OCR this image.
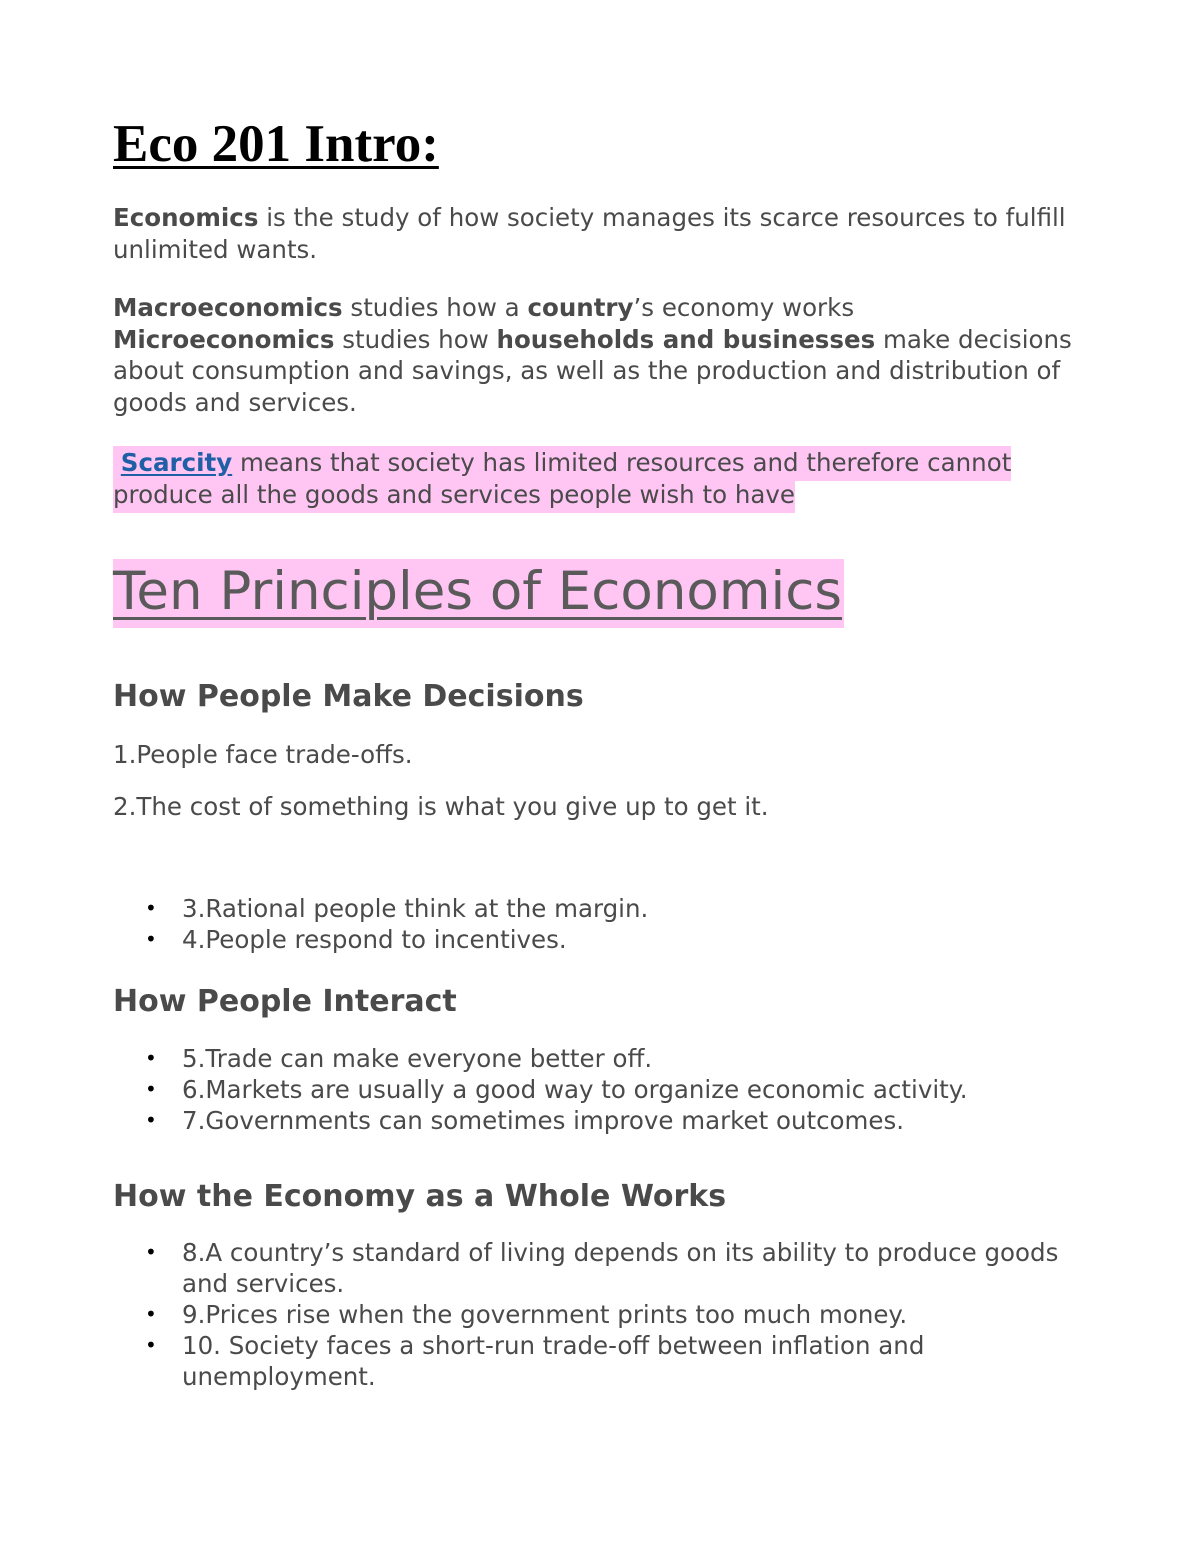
Eco 201 Intro:

Economics is the study of how society manages its scarce resources to fulfill unlimited wants.

Macroeconomics studies how a country’s economy works
Microeconomics studies how households and businesses make decisions about consumption and savings, as well as the production and distribution of goods and services.

Scarcity means that society has limited resources and therefore cannot produce all the goods and services people wish to have

Ten Principles of Economics
How People Make Decisions

1.People face trade-offs.

2.The cost of something is what you give up to get it.

• 3.Rational people think at the margin.
• 4.People respond to incentives.
How People Interact
• 5.Trade can make everyone better off.
• 6.Markets are usually a good way to organize economic activity.
• 7.Governments can sometimes improve market outcomes.
How the Economy as a Whole Works
• 8.A country’s standard of living depends on its ability to produce goods and services.
• 9.Prices rise when the government prints too much money.
• 10. Society faces a short-run trade-off between inflation and unemployment.
